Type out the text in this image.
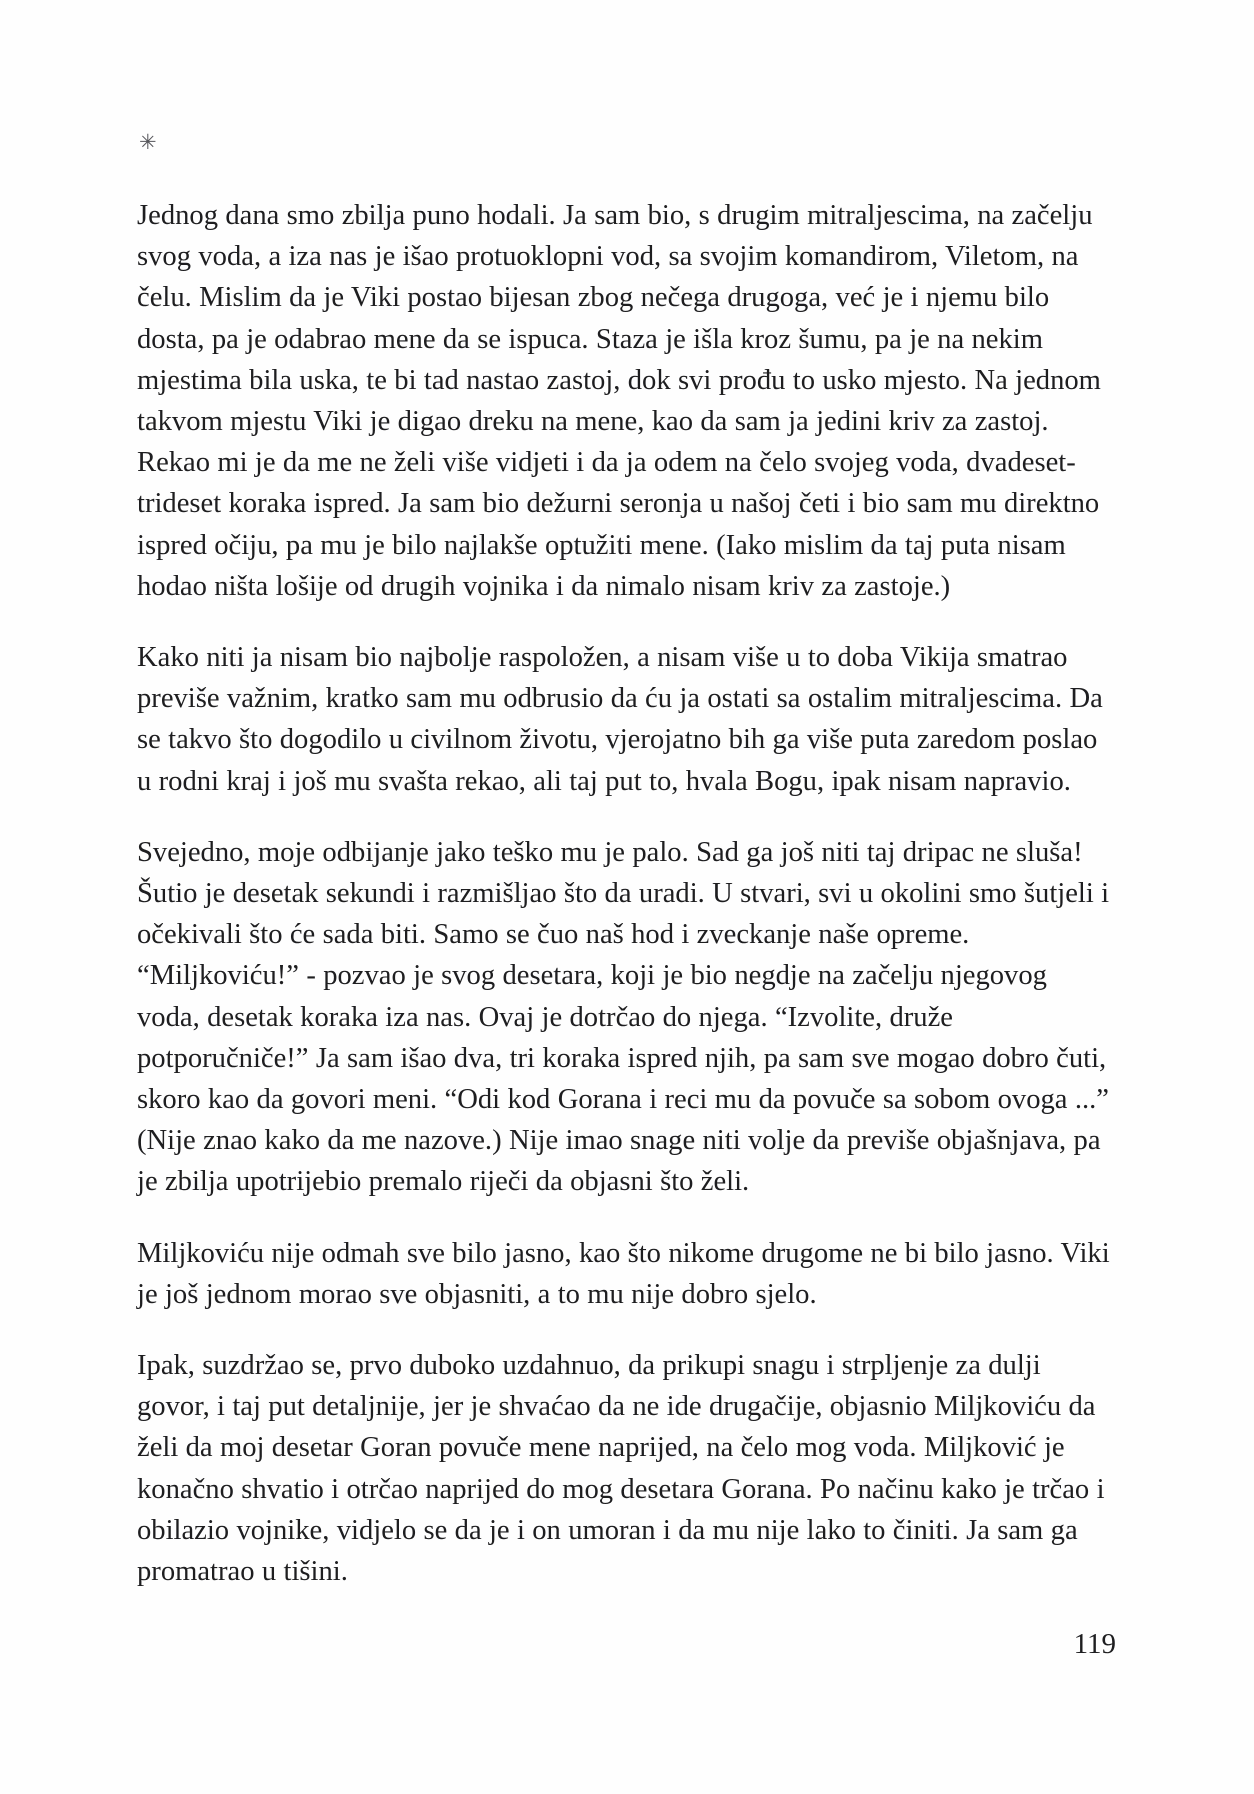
✳

Jednog dana smo zbilja puno hodali. Ja sam bio, s drugim mitraljescima, na začelju svog voda, a iza nas je išao protuoklopni vod, sa svojim komandirom, Viletom, na čelu. Mislim da je Viki postao bijesan zbog nečega drugoga, već je i njemu bilo dosta, pa je odabrao mene da se ispuca. Staza je išla kroz šumu, pa je na nekim mjestima bila uska, te bi tad nastao zastoj, dok svi prođu to usko mjesto. Na jednom takvom mjestu Viki je digao dreku na mene, kao da sam ja jedini kriv za zastoj. Rekao mi je da me ne želi više vidjeti i da ja odem na čelo svojeg voda, dvadeset-trideset koraka ispred. Ja sam bio dežurni seronja u našoj četi i bio sam mu direktno ispred očiju, pa mu je bilo najlakše optužiti mene. (Iako mislim da taj puta nisam hodao ništa lošije od drugih vojnika i da nimalo nisam kriv za zastoje.)

Kako niti ja nisam bio najbolje raspoložen, a nisam više u to doba Vikija smatrao previše važnim, kratko sam mu odbrusio da ću ja ostati sa ostalim mitraljescima. Da se takvo što dogodilo u civilnom životu, vjerojatno bih ga više puta zaredom poslao u rodni kraj i još mu svašta rekao, ali taj put to, hvala Bogu, ipak nisam napravio.

Svejedno, moje odbijanje jako teško mu je palo. Sad ga još niti taj dripac ne sluša! Šutio je desetak sekundi i razmišljao što da uradi. U stvari, svi u okolini smo šutjeli i očekivali što će sada biti. Samo se čuo naš hod i zveckanje naše opreme. “Miljkoviću!” - pozvao je svog desetara, koji je bio negdje na začelju njegovog voda, desetak koraka iza nas. Ovaj je dotrčao do njega. “Izvolite, druže potporučniče!” Ja sam išao dva, tri koraka ispred njih, pa sam sve mogao dobro čuti, skoro kao da govori meni. “Odi kod Gorana i reci mu da povuče sa sobom ovoga ...” (Nije znao kako da me nazove.) Nije imao snage niti volje da previše objašnjava, pa je zbilja upotrijebio premalo riječi da objasni što želi.

Miljkoviću nije odmah sve bilo jasno, kao što nikome drugome ne bi bilo jasno. Viki je još jednom morao sve objasniti, a to mu nije dobro sjelo.

Ipak, suzdržao se, prvo duboko uzdahnuo, da prikupi snagu i strpljenje za dulji govor, i taj put detaljnije, jer je shvaćao da ne ide drugačije, objasnio Miljkoviću da želi da moj desetar Goran povuče mene naprijed, na čelo mog voda. Miljković je konačno shvatio i otrčao naprijed do mog desetara Gorana. Po načinu kako je trčao i obilazio vojnike, vidjelo se da je i on umoran i da mu nije lako to činiti. Ja sam ga promatrao u tišini.

119
